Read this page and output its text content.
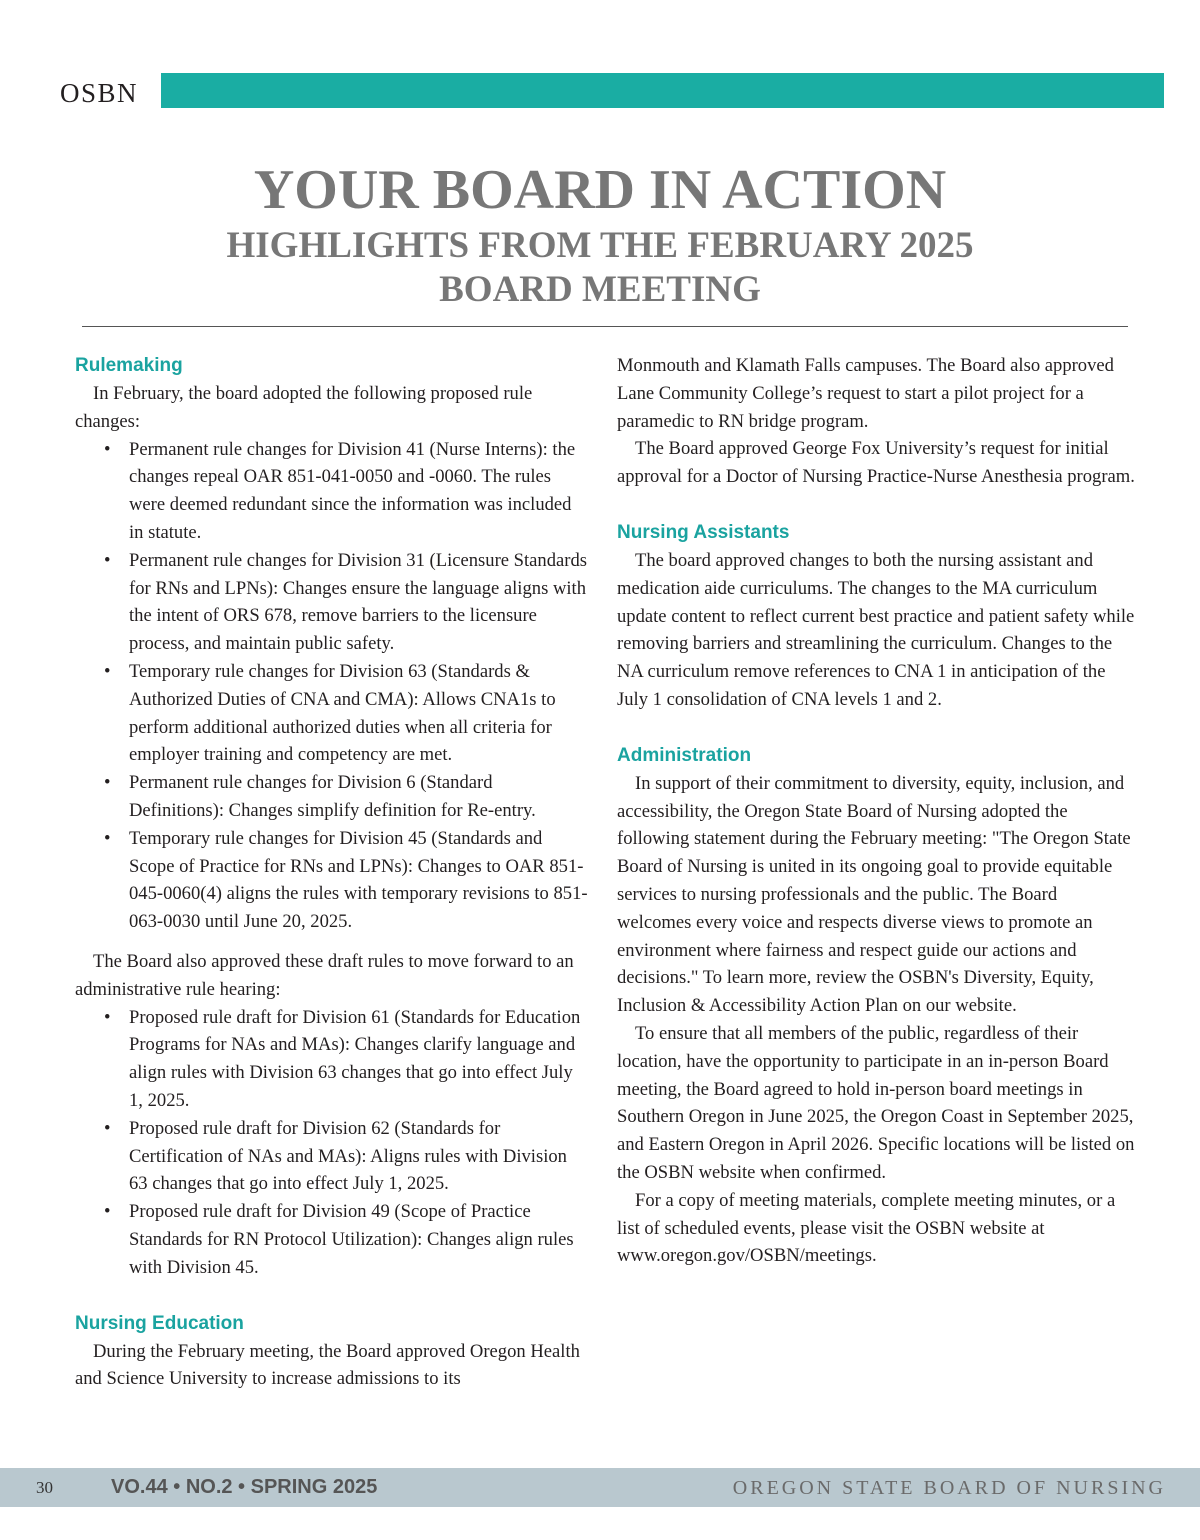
OSBN
YOUR BOARD IN ACTION
HIGHLIGHTS FROM THE FEBRUARY 2025
BOARD MEETING
Rulemaking

In February, the board adopted the following proposed rule changes:

• Permanent rule changes for Division 41 (Nurse Interns): the changes repeal OAR 851-041-0050 and -0060. The rules were deemed redundant since the information was included in statute.
• Permanent rule changes for Division 31 (Licensure Standards for RNs and LPNs): Changes ensure the language aligns with the intent of ORS 678, remove barriers to the licensure process, and maintain public safety.
• Temporary rule changes for Division 63 (Standards & Authorized Duties of CNA and CMA): Allows CNA1s to perform additional authorized duties when all criteria for employer training and competency are met.
• Permanent rule changes for Division 6 (Standard Definitions): Changes simplify definition for Re-entry.
• Temporary rule changes for Division 45 (Standards and Scope of Practice for RNs and LPNs): Changes to OAR 851-045-0060(4) aligns the rules with temporary revisions to 851-063-0030 until June 20, 2025.

The Board also approved these draft rules to move forward to an administrative rule hearing:

• Proposed rule draft for Division 61 (Standards for Education Programs for NAs and MAs): Changes clarify language and align rules with Division 63 changes that go into effect July 1, 2025.
• Proposed rule draft for Division 62 (Standards for Certification of NAs and MAs): Aligns rules with Division 63 changes that go into effect July 1, 2025.
• Proposed rule draft for Division 49 (Scope of Practice Standards for RN Protocol Utilization): Changes align rules with Division 45.
Nursing Education

During the February meeting, the Board approved Oregon Health and Science University to increase admissions to its

Monmouth and Klamath Falls campuses. The Board also approved Lane Community College’s request to start a pilot project for a paramedic to RN bridge program.

The Board approved George Fox University’s request for initial approval for a Doctor of Nursing Practice-Nurse Anesthesia program.

Nursing Assistants

The board approved changes to both the nursing assistant and medication aide curriculums. The changes to the MA curriculum update content to reflect current best practice and patient safety while removing barriers and streamlining the curriculum. Changes to the NA curriculum remove references to CNA 1 in anticipation of the July 1 consolidation of CNA levels 1 and 2.

Administration

In support of their commitment to diversity, equity, inclusion, and accessibility, the Oregon State Board of Nursing adopted the following statement during the February meeting: "The Oregon State Board of Nursing is united in its ongoing goal to provide equitable services to nursing professionals and the public. The Board welcomes every voice and respects diverse views to promote an environment where fairness and respect guide our actions and decisions." To learn more, review the OSBN's Diversity, Equity, Inclusion & Accessibility Action Plan on our website.

To ensure that all members of the public, regardless of their location, have the opportunity to participate in an in-person Board meeting, the Board agreed to hold in-person board meetings in Southern Oregon in June 2025, the Oregon Coast in September 2025, and Eastern Oregon in April 2026. Specific locations will be listed on the OSBN website when confirmed.

For a copy of meeting materials, complete meeting minutes, or a list of scheduled events, please visit the OSBN website at www.oregon.gov/OSBN/meetings.

30	VO.44 • NO.2 • SPRING 2025	OREGON STATE BOARD OF NURSING
